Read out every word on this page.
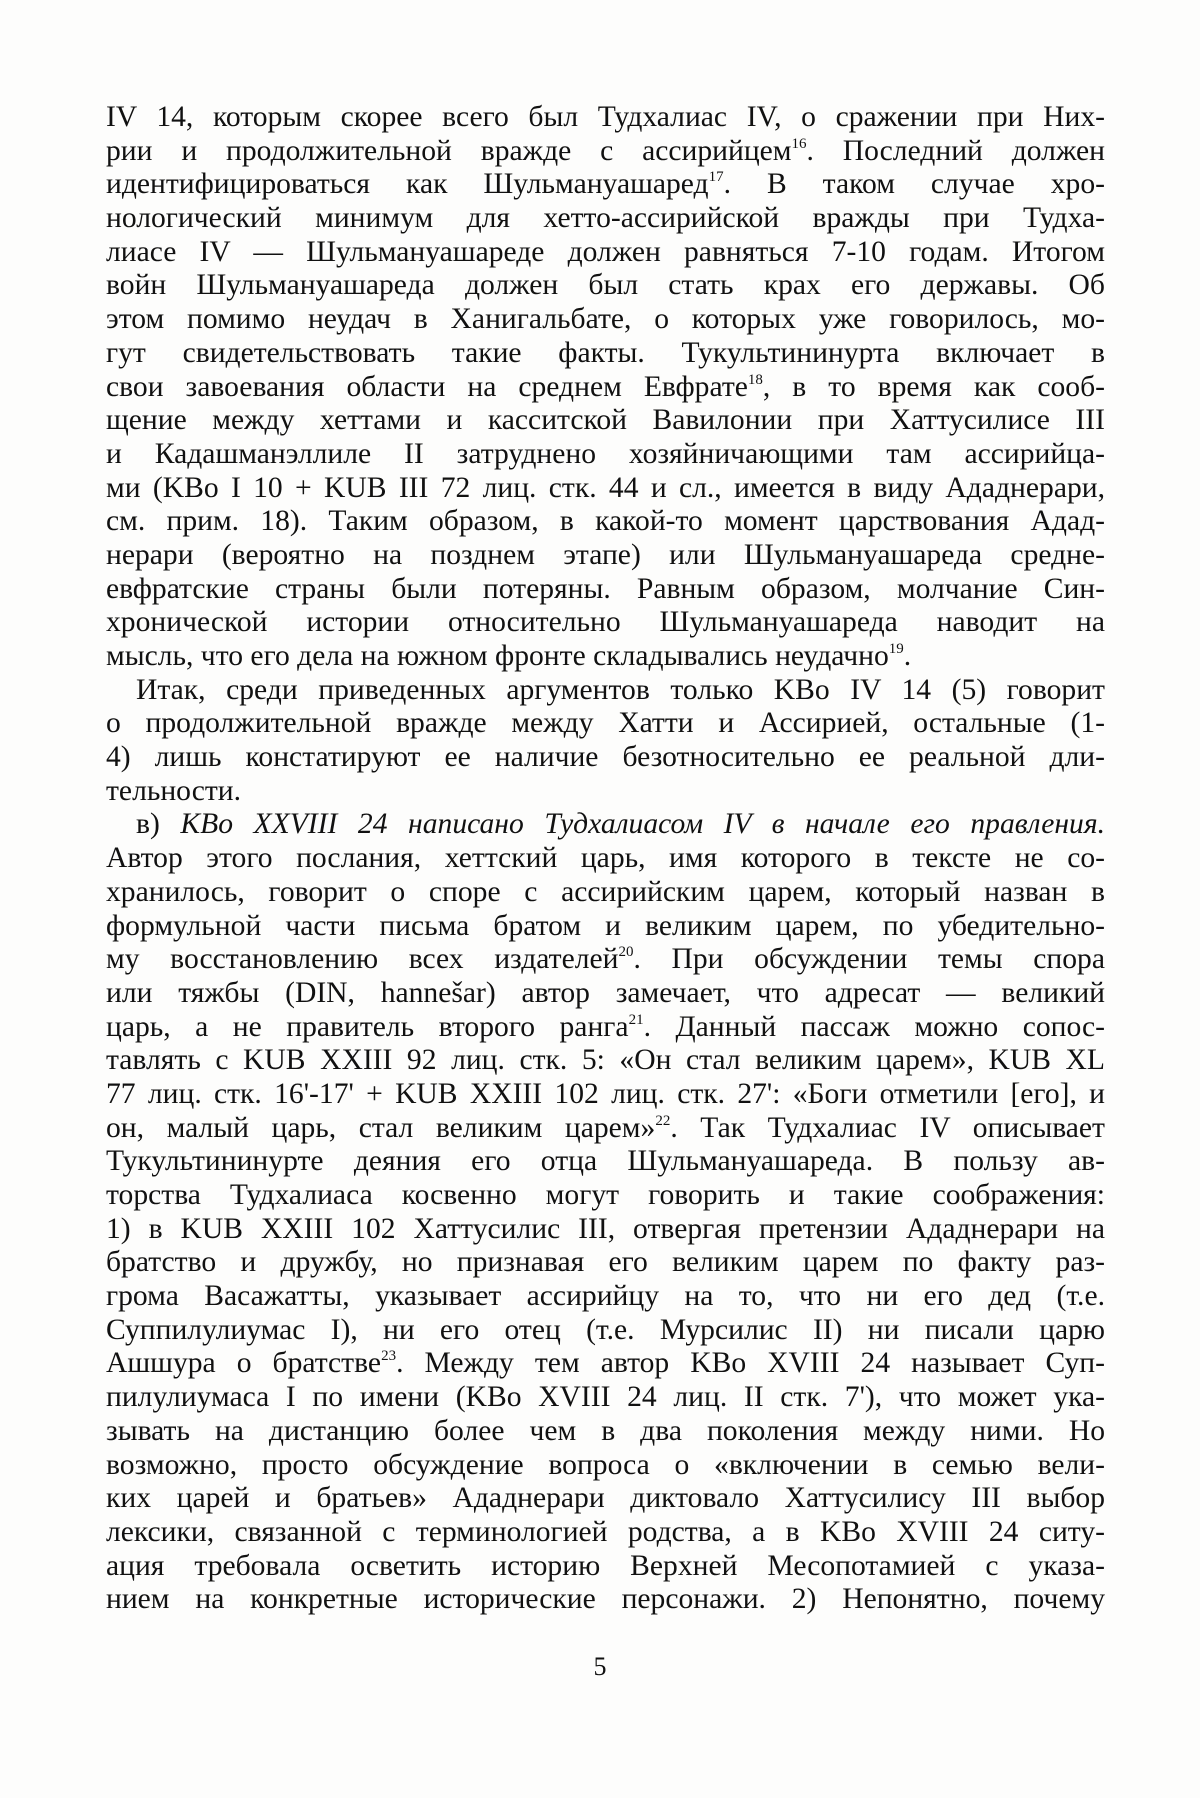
IV 14, которым скорее всего был Тудхалиас IV, о сражении при Них-
рии и продолжительной вражде с ассирийцем$^{16}$. Последний должен
идентифицироваться как Шульмануашаред$^{17}$. В таком случае хро-
нологический минимум для хетто-ассирийской вражды при Тудха-
лиасе IV — Шульмануашареде должен равняться 7-10 годам. Итогом
войн Шульмануашареда должен был стать крах его державы. Об
этом помимо неудач в Ханигальбате, о которых уже говорилось, мо-
гут свидетельствовать такие факты. Тукультининурта включает в
свои завоевания области на среднем Евфрате$^{18}$, в то время как сооб-
щение между хеттами и касситской Вавилонии при Хаттусилисе III
и Кадашманэллиле II затруднено хозяйничающими там ассирийца-
ми (KBo I 10 + KUB III 72 лиц. стк. 44 и сл., имеется в виду Ададнерари,
см. прим. 18). Таким образом, в какой-то момент царствования Адад-
нерари (вероятно на позднем этапе) или Шульмануашареда средне-
евфратские страны были потеряны. Равным образом, молчание Син-
хронической истории относительно Шульмануашареда наводит на
мысль, что его дела на южном фронте складывались неудачно$^{19}$.
Итак, среди приведенных аргументов только KBo IV 14 (5) говорит
о продолжительной вражде между Хатти и Ассирией, остальные (1-
4) лишь констатируют ее наличие безотносительно ее реальной дли-
тельности.
в) KBo XXVIII 24 написано Тудхалиасом IV в начале его правления.
Автор этого послания, хеттский царь, имя которого в тексте не со-
хранилось, говорит о споре с ассирийским царем, который назван в
формульной части письма братом и великим царем, по убедительно-
му восстановлению всех издателей$^{20}$. При обсуждении темы спора
или тяжбы (DIN, hannešar) автор замечает, что адресат — великий
царь, а не правитель второго ранга$^{21}$. Данный пассаж можно сопос-
тавлять с KUB XXIII 92 лиц. стк. 5: «Он стал великим царем», KUB XL
77 лиц. стк. 16'-17' + KUB XXIII 102 лиц. стк. 27': «Боги отметили [его], и
он, малый царь, стал великим царем»$^{22}$. Так Тудхалиас IV описывает
Тукультининурте деяния его отца Шульмануашареда. В пользу ав-
торства Тудхалиаса косвенно могут говорить и такие соображения:
1) в KUB XXIII 102 Хаттусилис III, отвергая претензии Ададнерари на
братство и дружбу, но признавая его великим царем по факту раз-
грома Васажатты, указывает ассирийцу на то, что ни его дед (т.е.
Суппилулиумас I), ни его отец (т.е. Мурсилис II) ни писали царю
Ашшура о братстве$^{23}$. Между тем автор KBo XVIII 24 называет Суп-
пилулиумаса I по имени (KBo XVIII 24 лиц. II стк. 7'), что может ука-
зывать на дистанцию более чем в два поколения между ними. Но
возможно, просто обсуждение вопроса о «включении в семью вели-
ких царей и братьев» Ададнерари диктовало Хаттусилису III выбор
лексики, связанной с терминологией родства, а в KBo XVIII 24 ситу-
ация требовала осветить историю Верхней Месопотамией с указа-
нием на конкретные исторические персонажи. 2) Непонятно, почему
5
